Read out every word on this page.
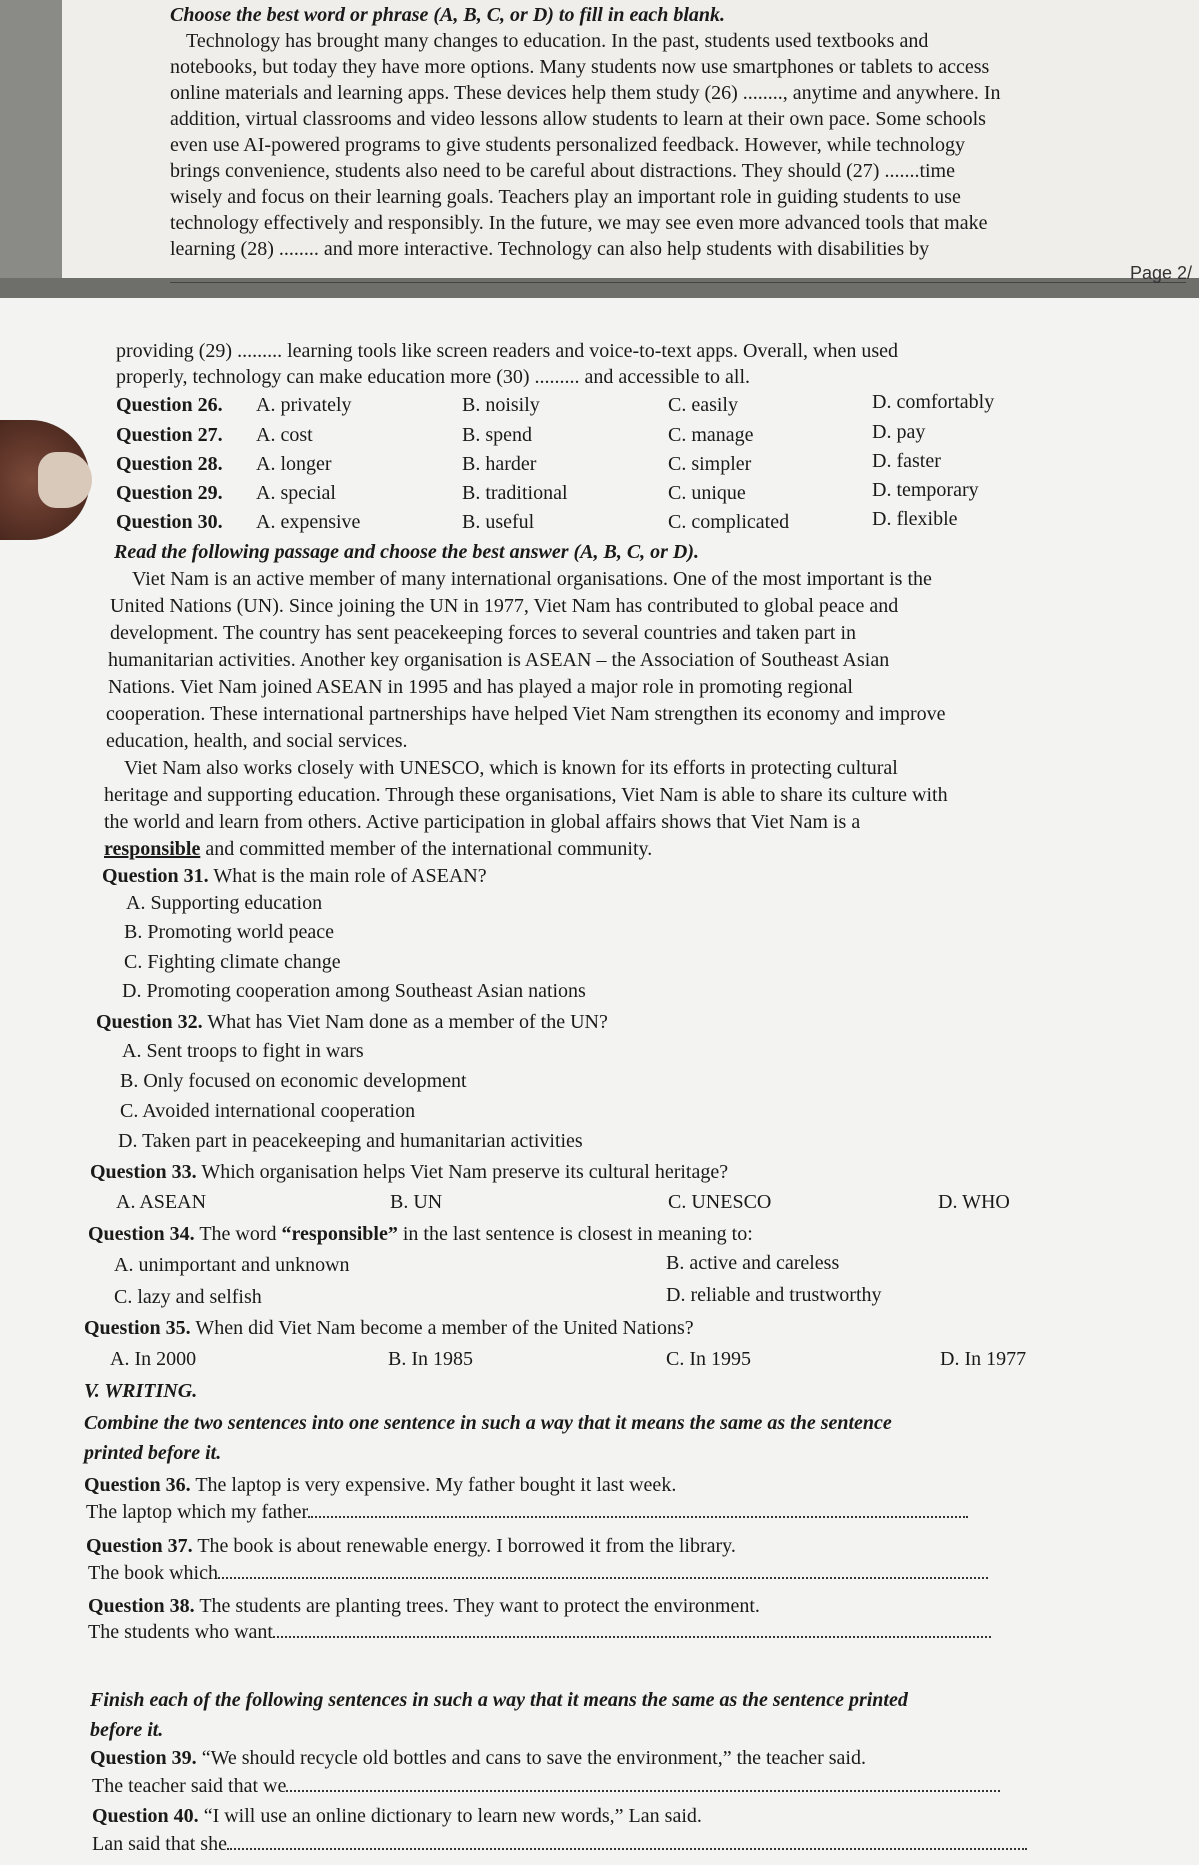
Choose the best word or phrase (A, B, C, or D) to fill in each blank.
Technology has brought many changes to education. In the past, students used textbooks and
notebooks, but today they have more options. Many students now use smartphones or tablets to access
online materials and learning apps. These devices help them study (26) ........, anytime and anywhere. In
addition, virtual classrooms and video lessons allow students to learn at their own pace. Some schools
even use AI-powered programs to give students personalized feedback. However, while technology
brings convenience, students also need to be careful about distractions. They should (27) .......time
wisely and focus on their learning goals. Teachers play an important role in guiding students to use
technology effectively and responsibly. In the future, we may see even more advanced tools that make
learning (28) ........ and more interactive. Technology can also help students with disabilities by
Page 2/
providing (29) ......... learning tools like screen readers and voice-to-text apps. Overall, when used
properly, technology can make education more (30) ......... and accessible to all.
Question 26. A. privately	B. noisily	C. easily	D. comfortably
Question 27. A. cost	B. spend	C. manage	D. pay
Question 28. A. longer	B. harder	C. simpler	D. faster
Question 29. A. special	B. traditional	C. unique	D. temporary
Question 30. A. expensive	B. useful	C. complicated	D. flexible
Read the following passage and choose the best answer (A, B, C, or D).
Viet Nam is an active member of many international organisations. One of the most important is the
United Nations (UN). Since joining the UN in 1977, Viet Nam has contributed to global peace and
development. The country has sent peacekeeping forces to several countries and taken part in
humanitarian activities. Another key organisation is ASEAN – the Association of Southeast Asian
Nations. Viet Nam joined ASEAN in 1995 and has played a major role in promoting regional
cooperation. These international partnerships have helped Viet Nam strengthen its economy and improve
education, health, and social services.
Viet Nam also works closely with UNESCO, which is known for its efforts in protecting cultural
heritage and supporting education. Through these organisations, Viet Nam is able to share its culture with
the world and learn from others. Active participation in global affairs shows that Viet Nam is a
responsible and committed member of the international community.
Question 31. What is the main role of ASEAN?
A. Supporting education
B. Promoting world peace
C. Fighting climate change
D. Promoting cooperation among Southeast Asian nations
Question 32. What has Viet Nam done as a member of the UN?
A. Sent troops to fight in wars
B. Only focused on economic development
C. Avoided international cooperation
D. Taken part in peacekeeping and humanitarian activities
Question 33. Which organisation helps Viet Nam preserve its cultural heritage?
A. ASEAN	B. UN	C. UNESCO	D. WHO
Question 34. The word “responsible” in the last sentence is closest in meaning to:
A. unimportant and unknown	B. active and careless
C. lazy and selfish	D. reliable and trustworthy
Question 35. When did Viet Nam become a member of the United Nations?
A. In 2000	B. In 1985	C. In 1995	D. In 1977
V. WRITING.
Combine the two sentences into one sentence in such a way that it means the same as the sentence
printed before it.
Question 36. The laptop is very expensive. My father bought it last week.
The laptop which my father
Question 37. The book is about renewable energy. I borrowed it from the library.
The book which
Question 38. The students are planting trees. They want to protect the environment.
The students who want
Finish each of the following sentences in such a way that it means the same as the sentence printed
before it.
Question 39. “We should recycle old bottles and cans to save the environment,” the teacher said.
The teacher said that we
Question 40. “I will use an online dictionary to learn new words,” Lan said.
Lan said that she
